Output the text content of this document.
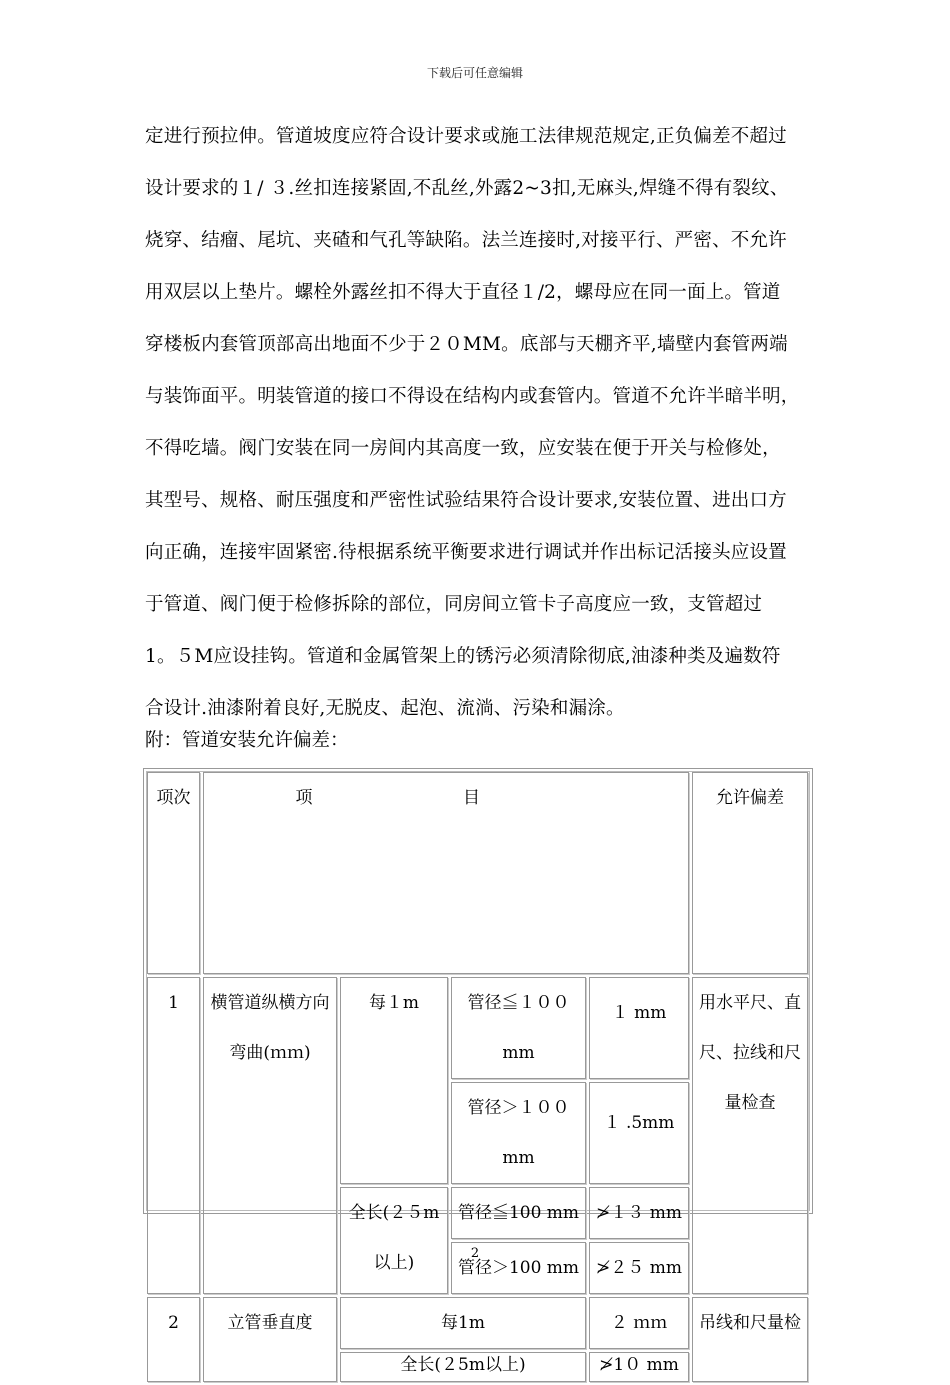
下载后可任意编辑
定进行预拉伸。管道坡度应符合设计要求或施工法律规范规定,正负偏差不超过
设计要求的１/ ３.丝扣连接紧固,不乱丝,外露2~3扣,无麻头,焊缝不得有裂纹、
烧穿、结瘤、尾坑、夹碴和气孔等缺陷。法兰连接时,对接平行、严密、不允许
用双层以上垫片。螺栓外露丝扣不得大于直径１/2，螺母应在同一面上。管道
穿楼板内套管顶部高出地面不少于２０MM。底部与天棚齐平,墙壁内套管两端
与装饰面平。明装管道的接口不得设在结构内或套管内。管道不允许半暗半明，
不得吃墙。阀门安装在同一房间内其高度一致，应安装在便于开关与检修处，
其型号、规格、耐压强度和严密性试验结果符合设计要求,安装位置、进出口方
向正确，连接牢固紧密.待根据系统平衡要求进行调试并作出标记活接头应设置
于管道、阀门便于检修拆除的部位，同房间立管卡子高度应一致，支管超过
1。５M应设挂钩。管道和金属管架上的锈污必须清除彻底,油漆种类及遍数符
合设计.油漆附着良好,无脱皮、起泡、流淌、污染和漏涂。
附：管道安装允许偏差：
项次	项 目				允许偏差	
1	横管道纵横方向弯曲(ｍｍ)	每１m	管径≦１００ mm	１ mm	用水平尺、直尺、拉线和尺量检查	

			管径＞１００ mm	１ .5mm		

		全长(２５m以上)	管径≦100 mm	≯１３ mm		
			管径＞100 mm	≯２５ mm		
2	立管垂直度	每1m		２ ｍｍ	吊线和尺量检	
		全长(２5m以上)		≯1０ mm		
2
